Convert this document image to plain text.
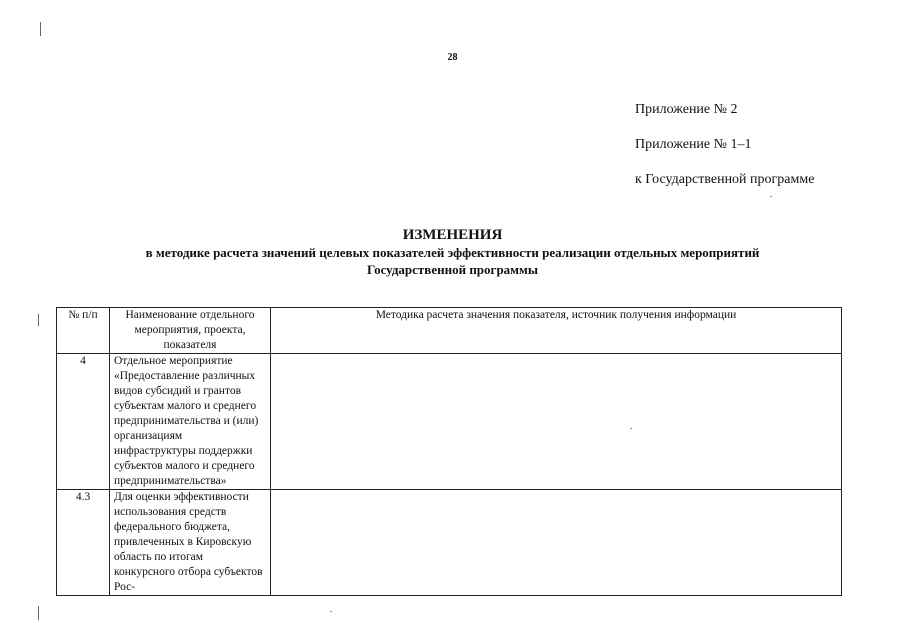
28
Приложение № 2
Приложение № 1–1
к Государственной программе
ИЗМЕНЕНИЯ
в методике расчета значений целевых показателей эффективности реализации отдельных мероприятий
Государственной программы
№ п/п	Наименование отдельного мероприятия, проекта, показателя	Методика расчета значения показателя, источник получения информации
4	Отдельное мероприятие «Предоставление различных видов субсидий и грантов субъектам малого и среднего предпринимательства и (или) организациям инфраструктуры поддержки субъектов малого и среднего предпринимательства»	
4.3	Для оценки эффективности использования средств федерального бюджета, привлеченных в Кировскую область по итогам конкурсного отбора субъектов Рос-	
